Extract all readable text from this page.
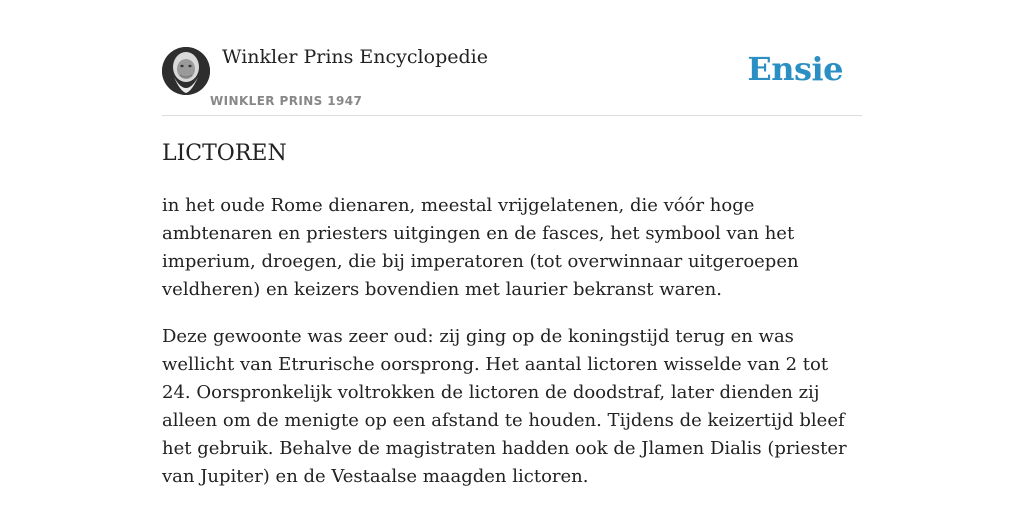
Winkler Prins Encyclopedie
WINKLER PRINS 1947
Ensie
LICTOREN

in het oude Rome dienaren, meestal vrijgelatenen, die vóór hoge ambtenaren en priesters uitgingen en de fasces, het symbool van het imperium, droegen, die bij imperatoren (tot overwinnaar uitgeroepen veldheren) en keizers bovendien met laurier bekranst waren.

Deze gewoonte was zeer oud: zij ging op de koningstijd terug en was wellicht van Etrurische oorsprong. Het aantal lictoren wisselde van 2 tot 24. Oorspronkelijk voltrokken de lictoren de doodstraf, later dienden zij alleen om de menigte op een afstand te houden. Tijdens de keizertijd bleef het gebruik. Behalve de magistraten hadden ook de Jlamen Dialis (priester van Jupiter) en de Vestaalse maagden lictoren.
